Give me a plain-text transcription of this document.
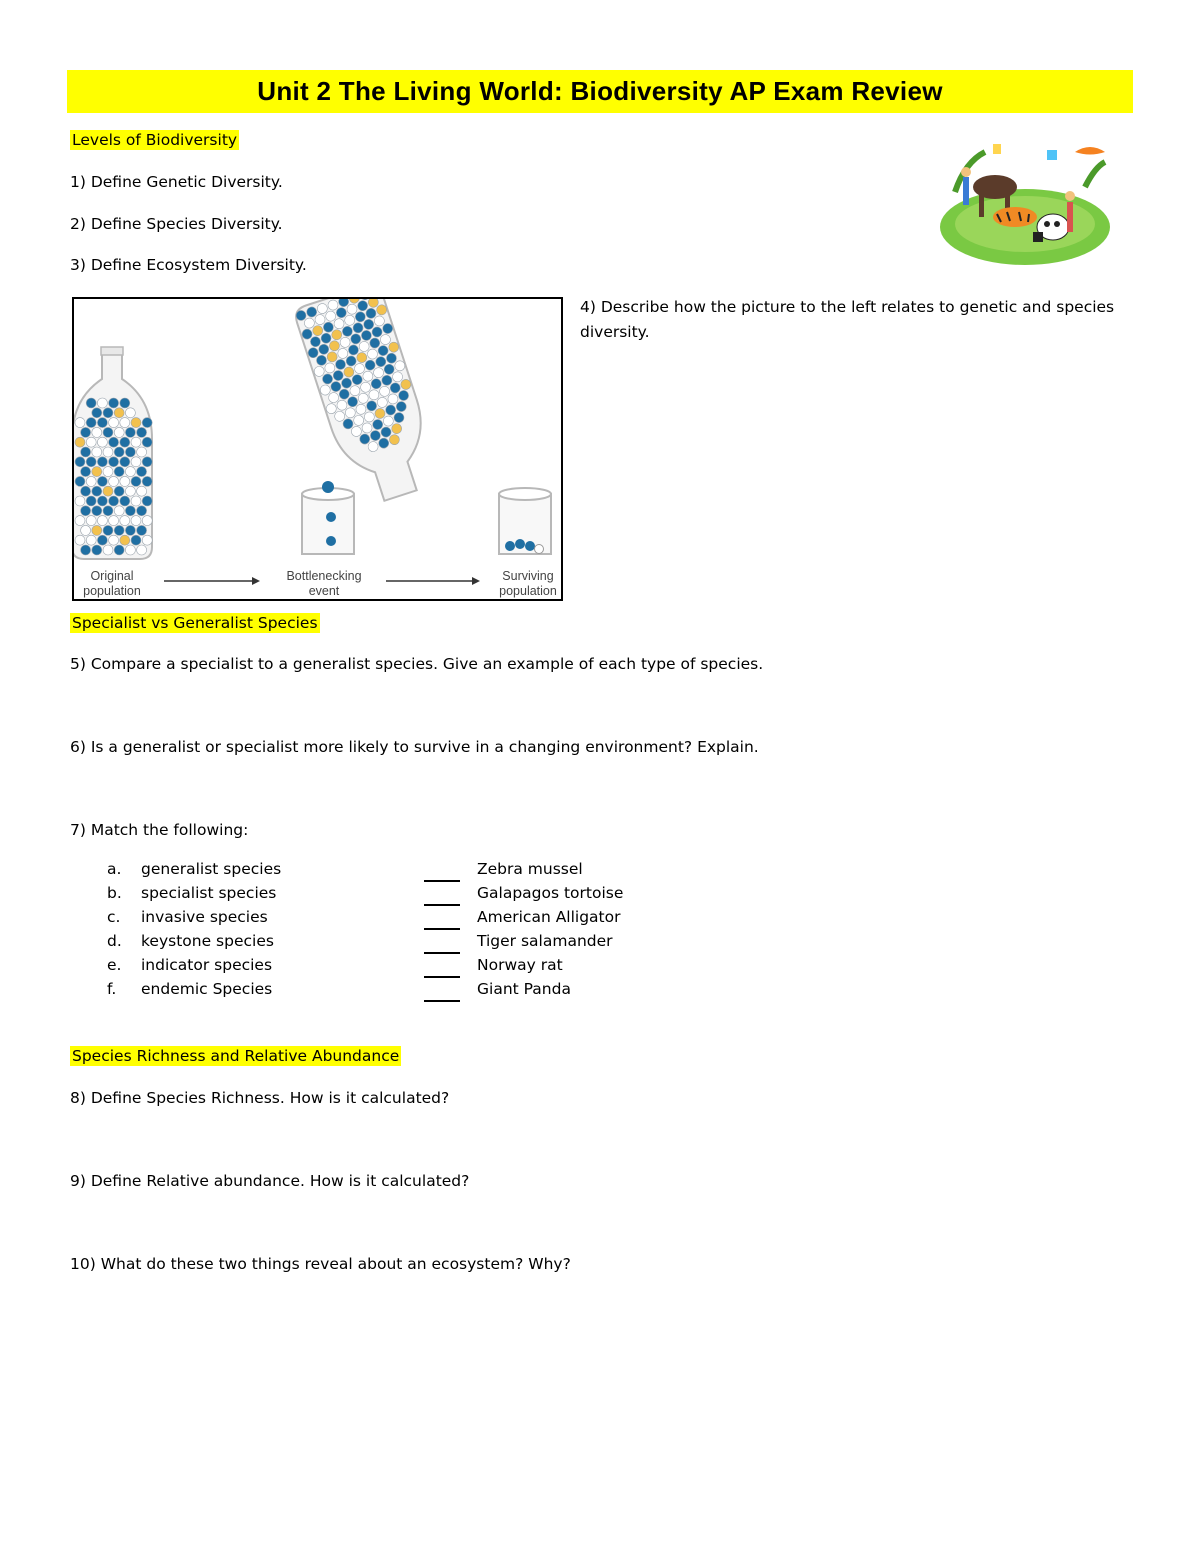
Unit 2 The Living World: Biodiversity AP Exam Review
Levels of Biodiversity
1) Define Genetic Diversity.
2) Define Species Diversity.
3) Define Ecosystem Diversity.
Original
population
Bottlenecking
event
Surviving
population
4) Describe how the picture to the left relates to genetic and species diversity.
Specialist vs Generalist Species
5) Compare a specialist to a generalist species. Give an example of each type of species.
6) Is a generalist or specialist more likely to survive in a changing environment? Explain.
7) Match the following:
a. generalist species	Zebra mussel
b. specialist species	Galapagos tortoise
c. invasive species	American Alligator
d. keystone species	Tiger salamander
e. indicator species	Norway rat
f. endemic Species	Giant Panda
Species Richness and Relative Abundance
8) Define Species Richness. How is it calculated?
9) Define Relative abundance. How is it calculated?
10) What do these two things reveal about an ecosystem? Why?
